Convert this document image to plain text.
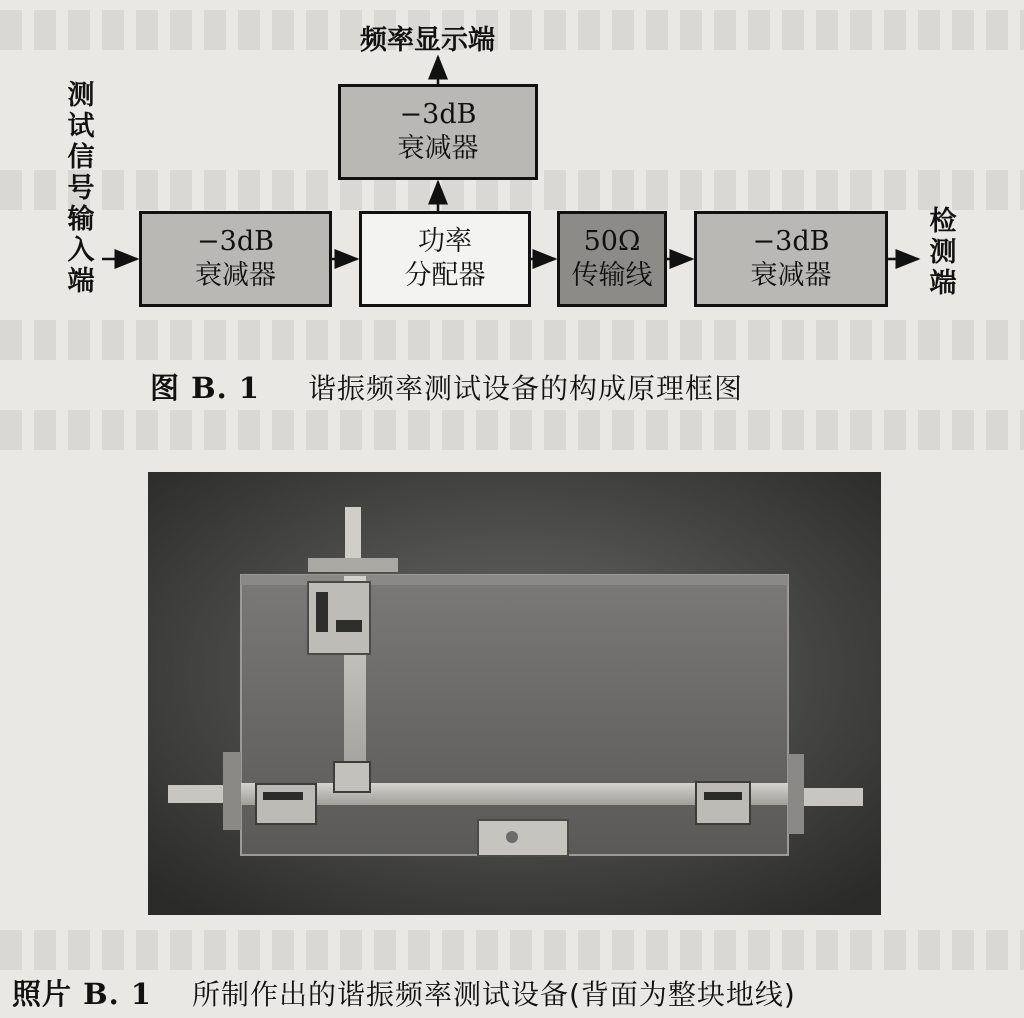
频率显示端
测
试
信
号
输
入
端
检
测
端
−3dB
衰减器
−3dB
衰减器
功率
分配器
50Ω
传输线
−3dB
衰减器
图 B. 1 谐振频率测试设备的构成原理框图
照片 B. 1 所制作出的谐振频率测试设备(背面为整块地线)
